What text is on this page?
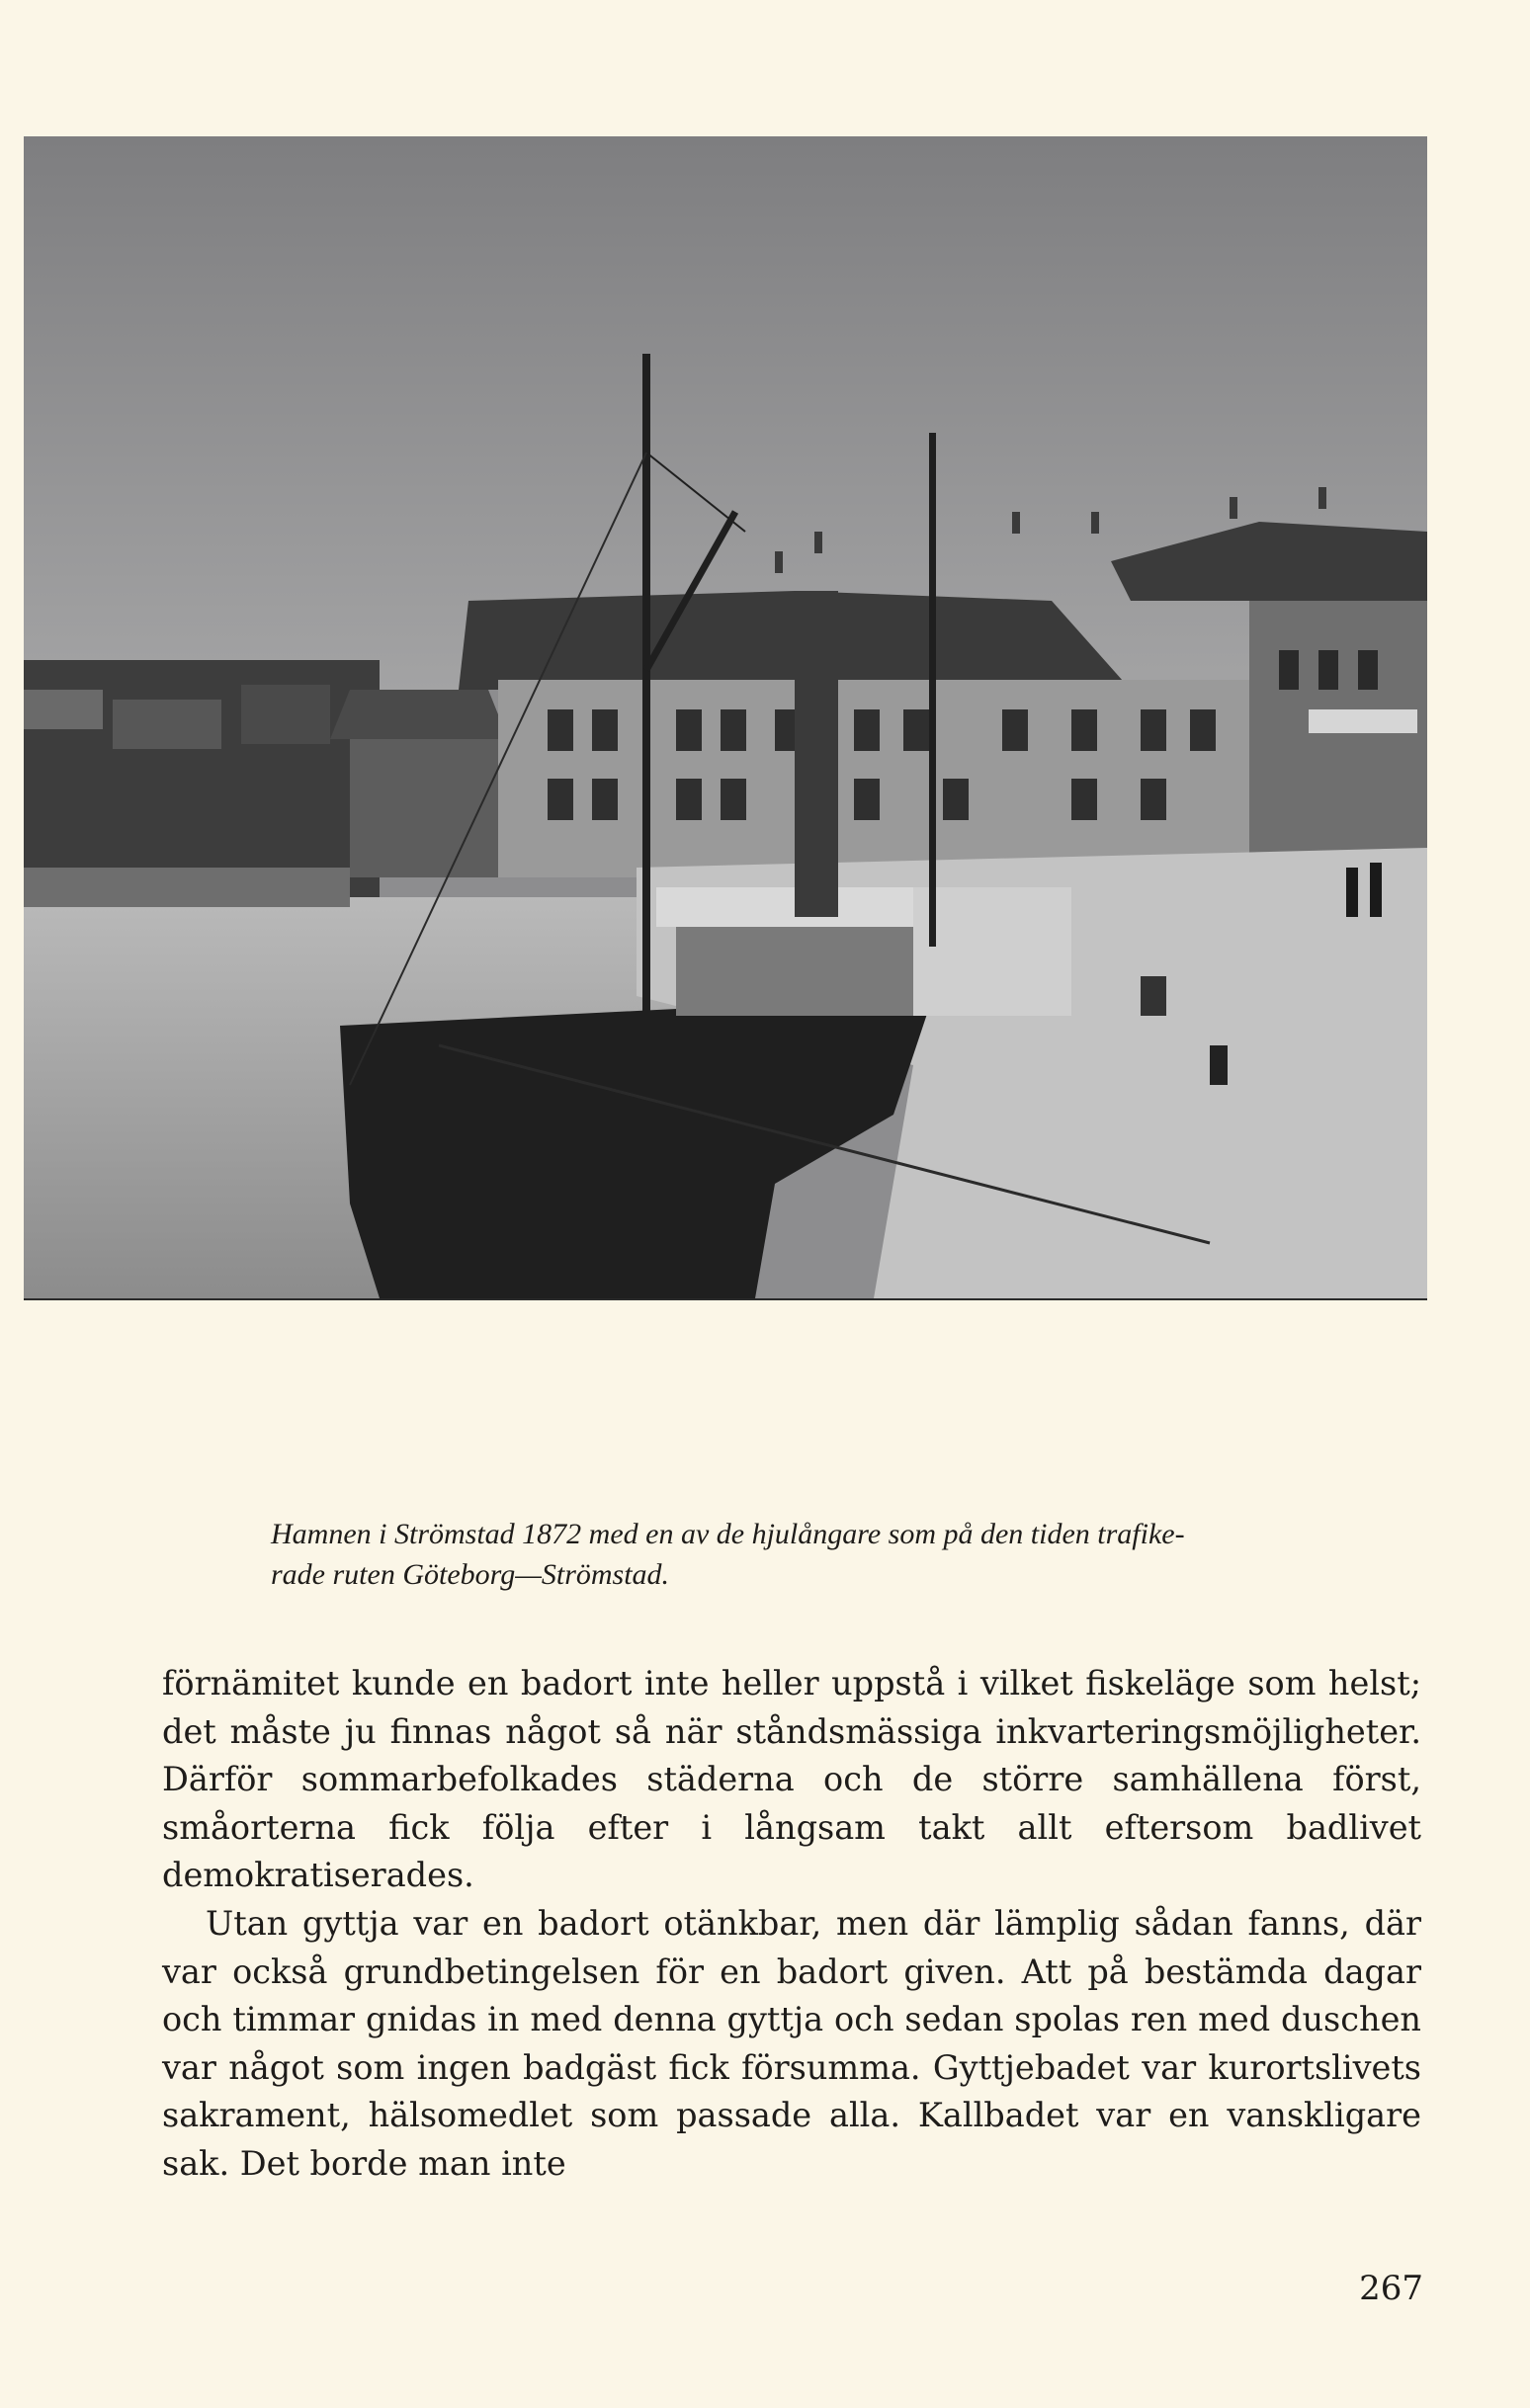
Hamnen i Strömstad 1872 med en av de hjulångare som på den tiden trafike-

rade ruten Göteborg—Strömstad.

förnämitet kunde en badort inte heller uppstå i vilket fiskeläge som helst; det måste ju finnas något så när ståndsmässiga inkvarteringsmöjligheter. Därför sommarbefolkades städerna och de större samhällena först, småorterna fick följa efter i långsam takt allt eftersom badlivet demokratiserades.

Utan gyttja var en badort otänkbar, men där lämplig sådan fanns, där var också grundbetingelsen för en badort given. Att på bestämda dagar och timmar gnidas in med denna gyttja och sedan spolas ren med duschen var något som ingen badgäst fick försumma. Gyttjebadet var kurortslivets sakrament, hälsomedlet som passade alla. Kallbadet var en vanskligare sak. Det borde man inte

267
